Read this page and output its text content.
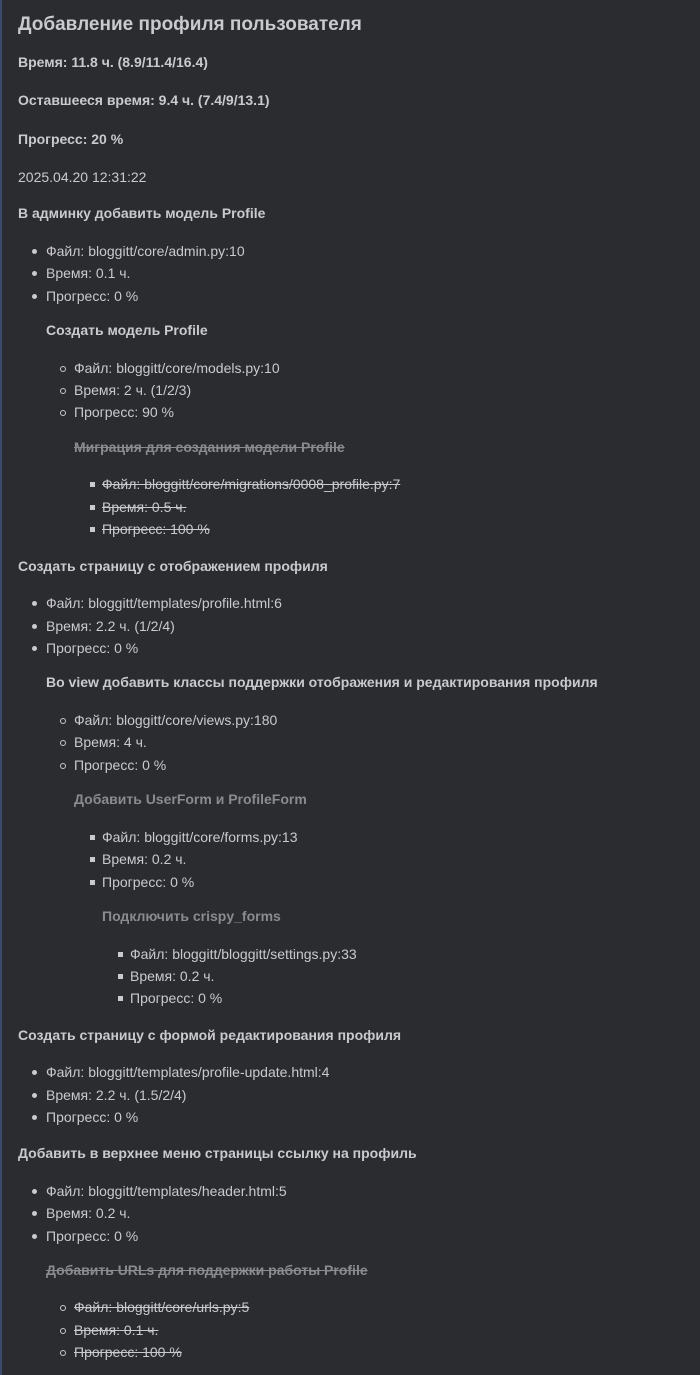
Добавление профиля пользователя
Время: 11.8 ч. (8.9/11.4/16.4)
Оставшееся время: 9.4 ч. (7.4/9/13.1)
Прогресс: 20 %
2025.04.20 12:31:22
В админку добавить модель Profile
Файл: bloggitt/core/admin.py:10
Время: 0.1 ч.
Прогресс: 0 %
Создать модель Profile
Файл: bloggitt/core/models.py:10
Время: 2 ч. (1/2/3)
Прогресс: 90 %
Миграция для создания модели Profile
Файл: bloggitt/core/migrations/0008_profile.py:7
Время: 0.5 ч.
Прогресс: 100 %
Создать страницу с отображением профиля
Файл: bloggitt/templates/profile.html:6
Время: 2.2 ч. (1/2/4)
Прогресс: 0 %
Во view добавить классы поддержки отображения и редактирования профиля
Файл: bloggitt/core/views.py:180
Время: 4 ч.
Прогресс: 0 %
Добавить UserForm и ProfileForm
Файл: bloggitt/core/forms.py:13
Время: 0.2 ч.
Прогресс: 0 %
Подключить crispy_forms
Файл: bloggitt/bloggitt/settings.py:33
Время: 0.2 ч.
Прогресс: 0 %
Создать страницу с формой редактирования профиля
Файл: bloggitt/templates/profile-update.html:4
Время: 2.2 ч. (1.5/2/4)
Прогресс: 0 %
Добавить в верхнее меню страницы ссылку на профиль
Файл: bloggitt/templates/header.html:5
Время: 0.2 ч.
Прогресс: 0 %
Добавить URLs для поддержки работы Profile
Файл: bloggitt/core/urls.py:5
Время: 0.1 ч.
Прогресс: 100 %
